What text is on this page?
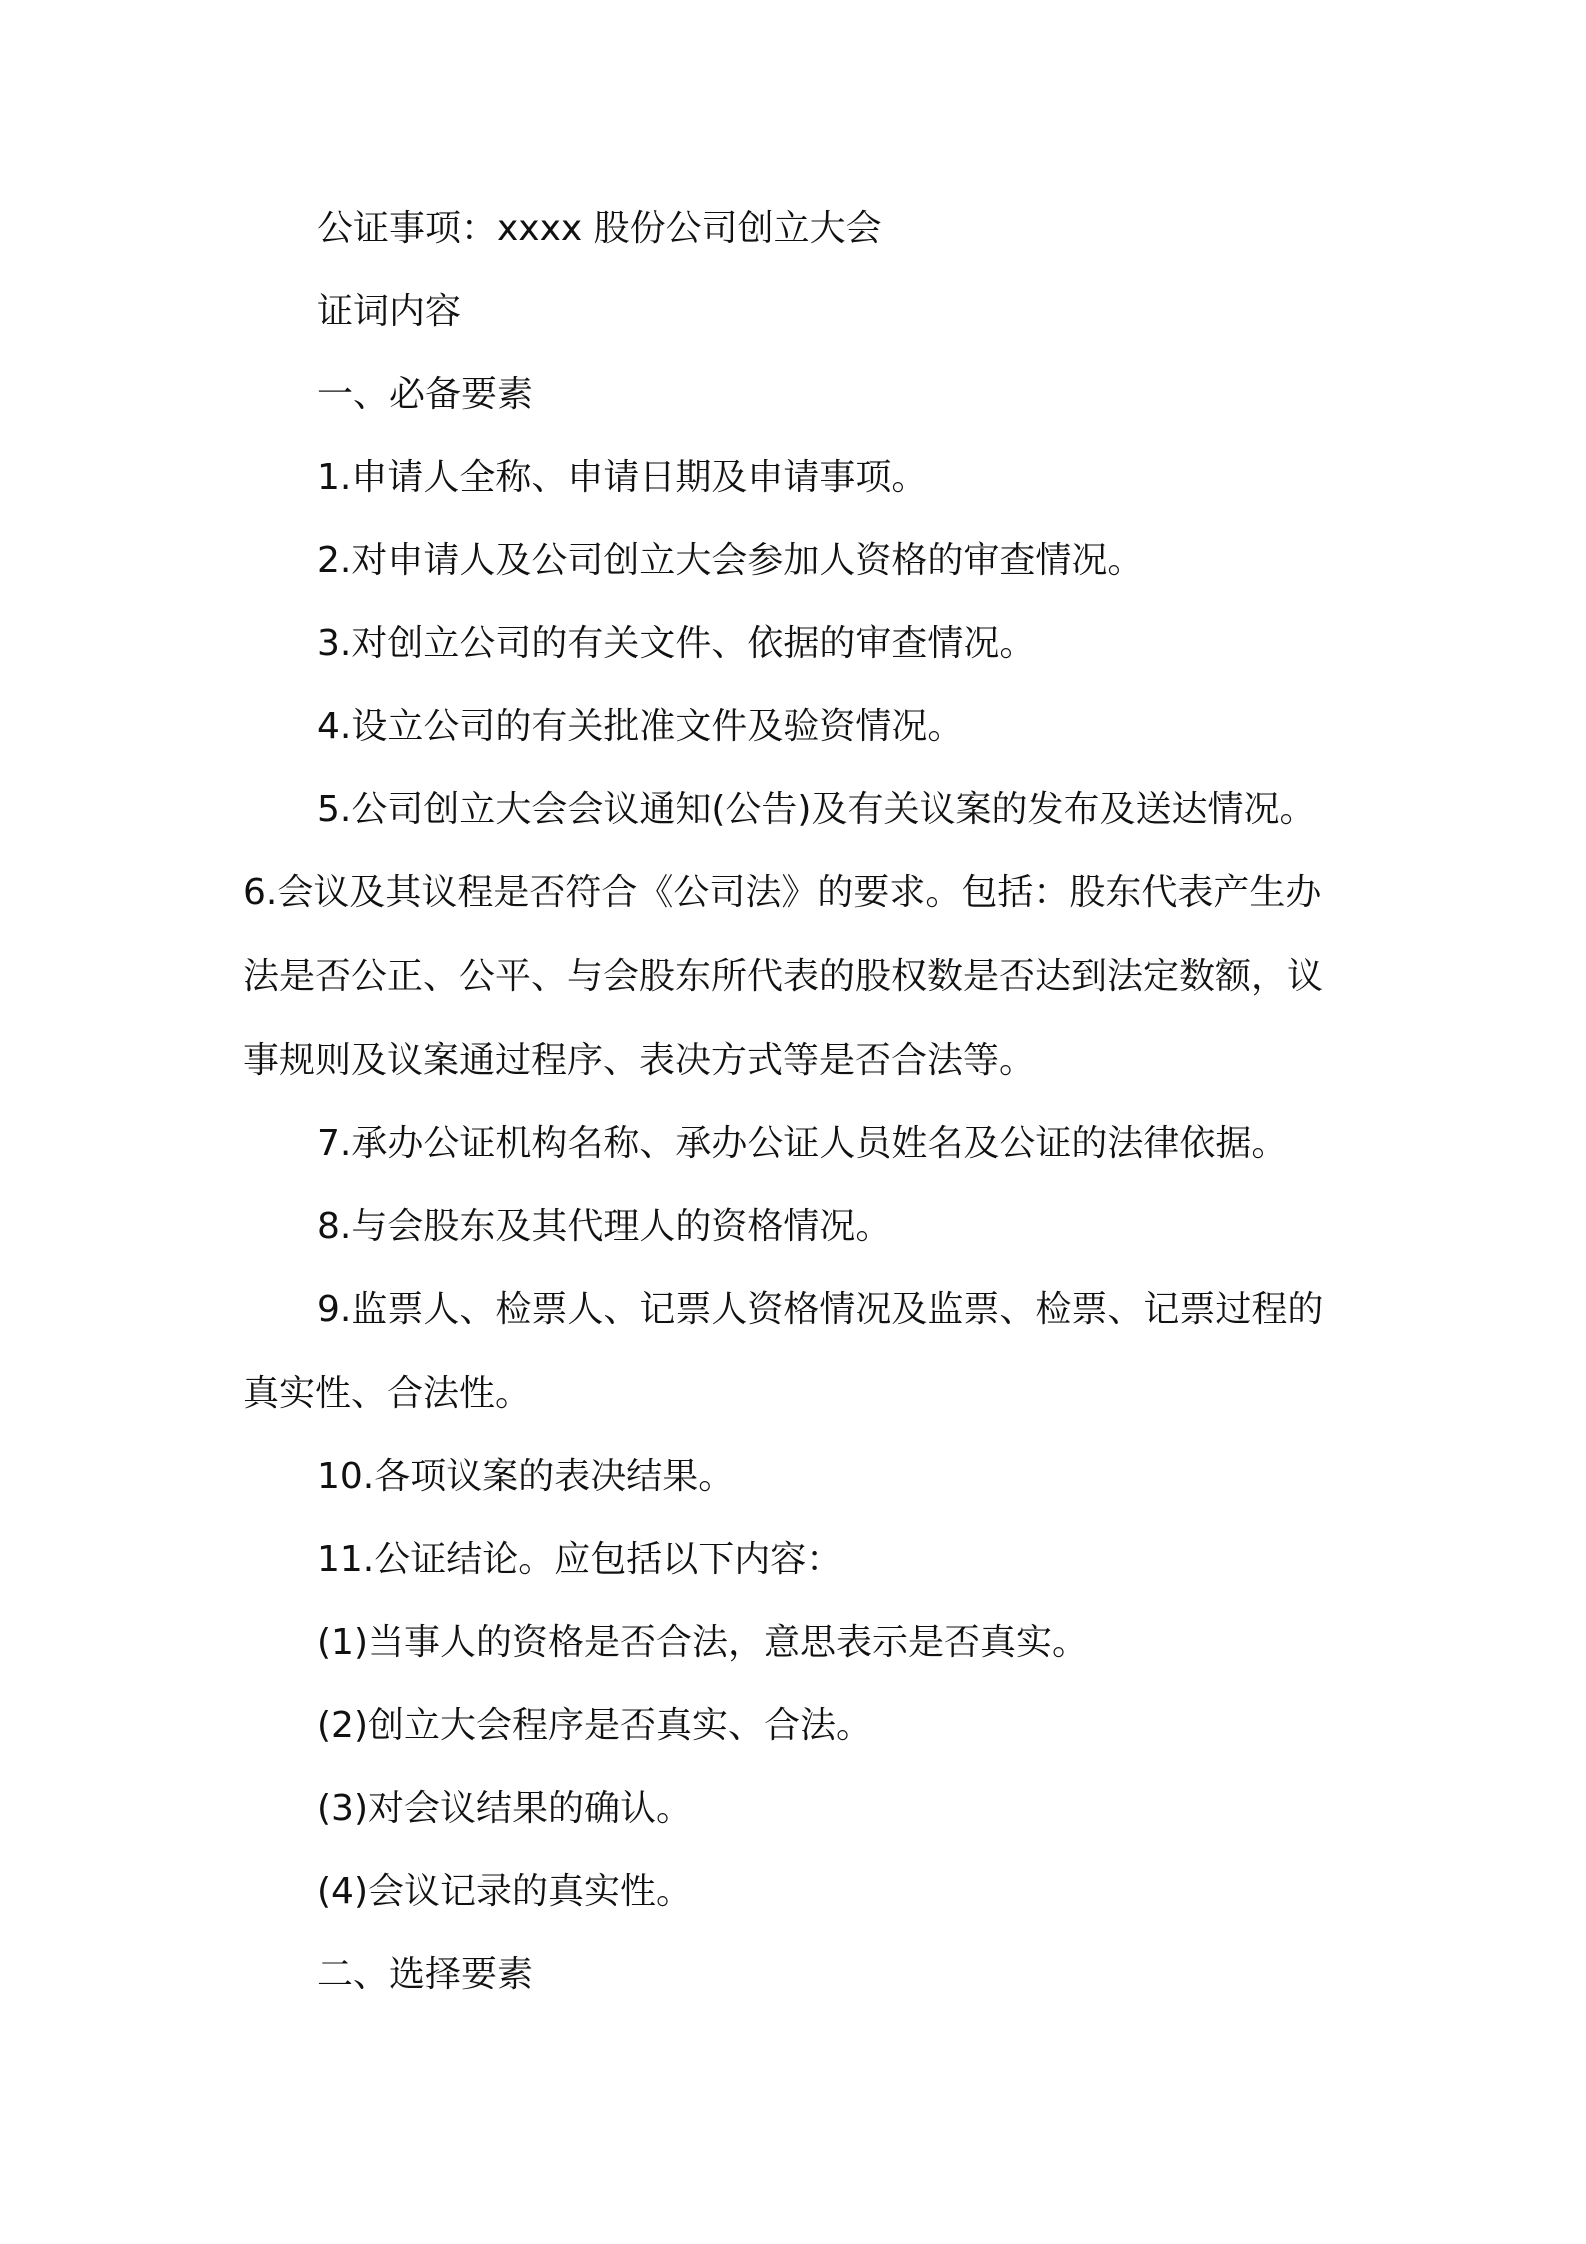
公证事项：xxxx 股份公司创立大会

证词内容

一、必备要素

1.申请人全称、申请日期及申请事项。

2.对申请人及公司创立大会参加人资格的审查情况。

3.对创立公司的有关文件、依据的审查情况。

4.设立公司的有关批准文件及验资情况。

5.公司创立大会会议通知(公告)及有关议案的发布及送达情况。

6.会议及其议程是否符合《公司法》的要求。包括：股东代表产生办法是否公正、公平、与会股东所代表的股权数是否达到法定数额，议事规则及议案通过程序、表决方式等是否合法等。

7.承办公证机构名称、承办公证人员姓名及公证的法律依据。

8.与会股东及其代理人的资格情况。

9.监票人、检票人、记票人资格情况及监票、检票、记票过程的真实性、合法性。

10.各项议案的表决结果。

11.公证结论。应包括以下内容：

(1)当事人的资格是否合法，意思表示是否真实。

(2)创立大会程序是否真实、合法。

(3)对会议结果的确认。

(4)会议记录的真实性。

二、选择要素
